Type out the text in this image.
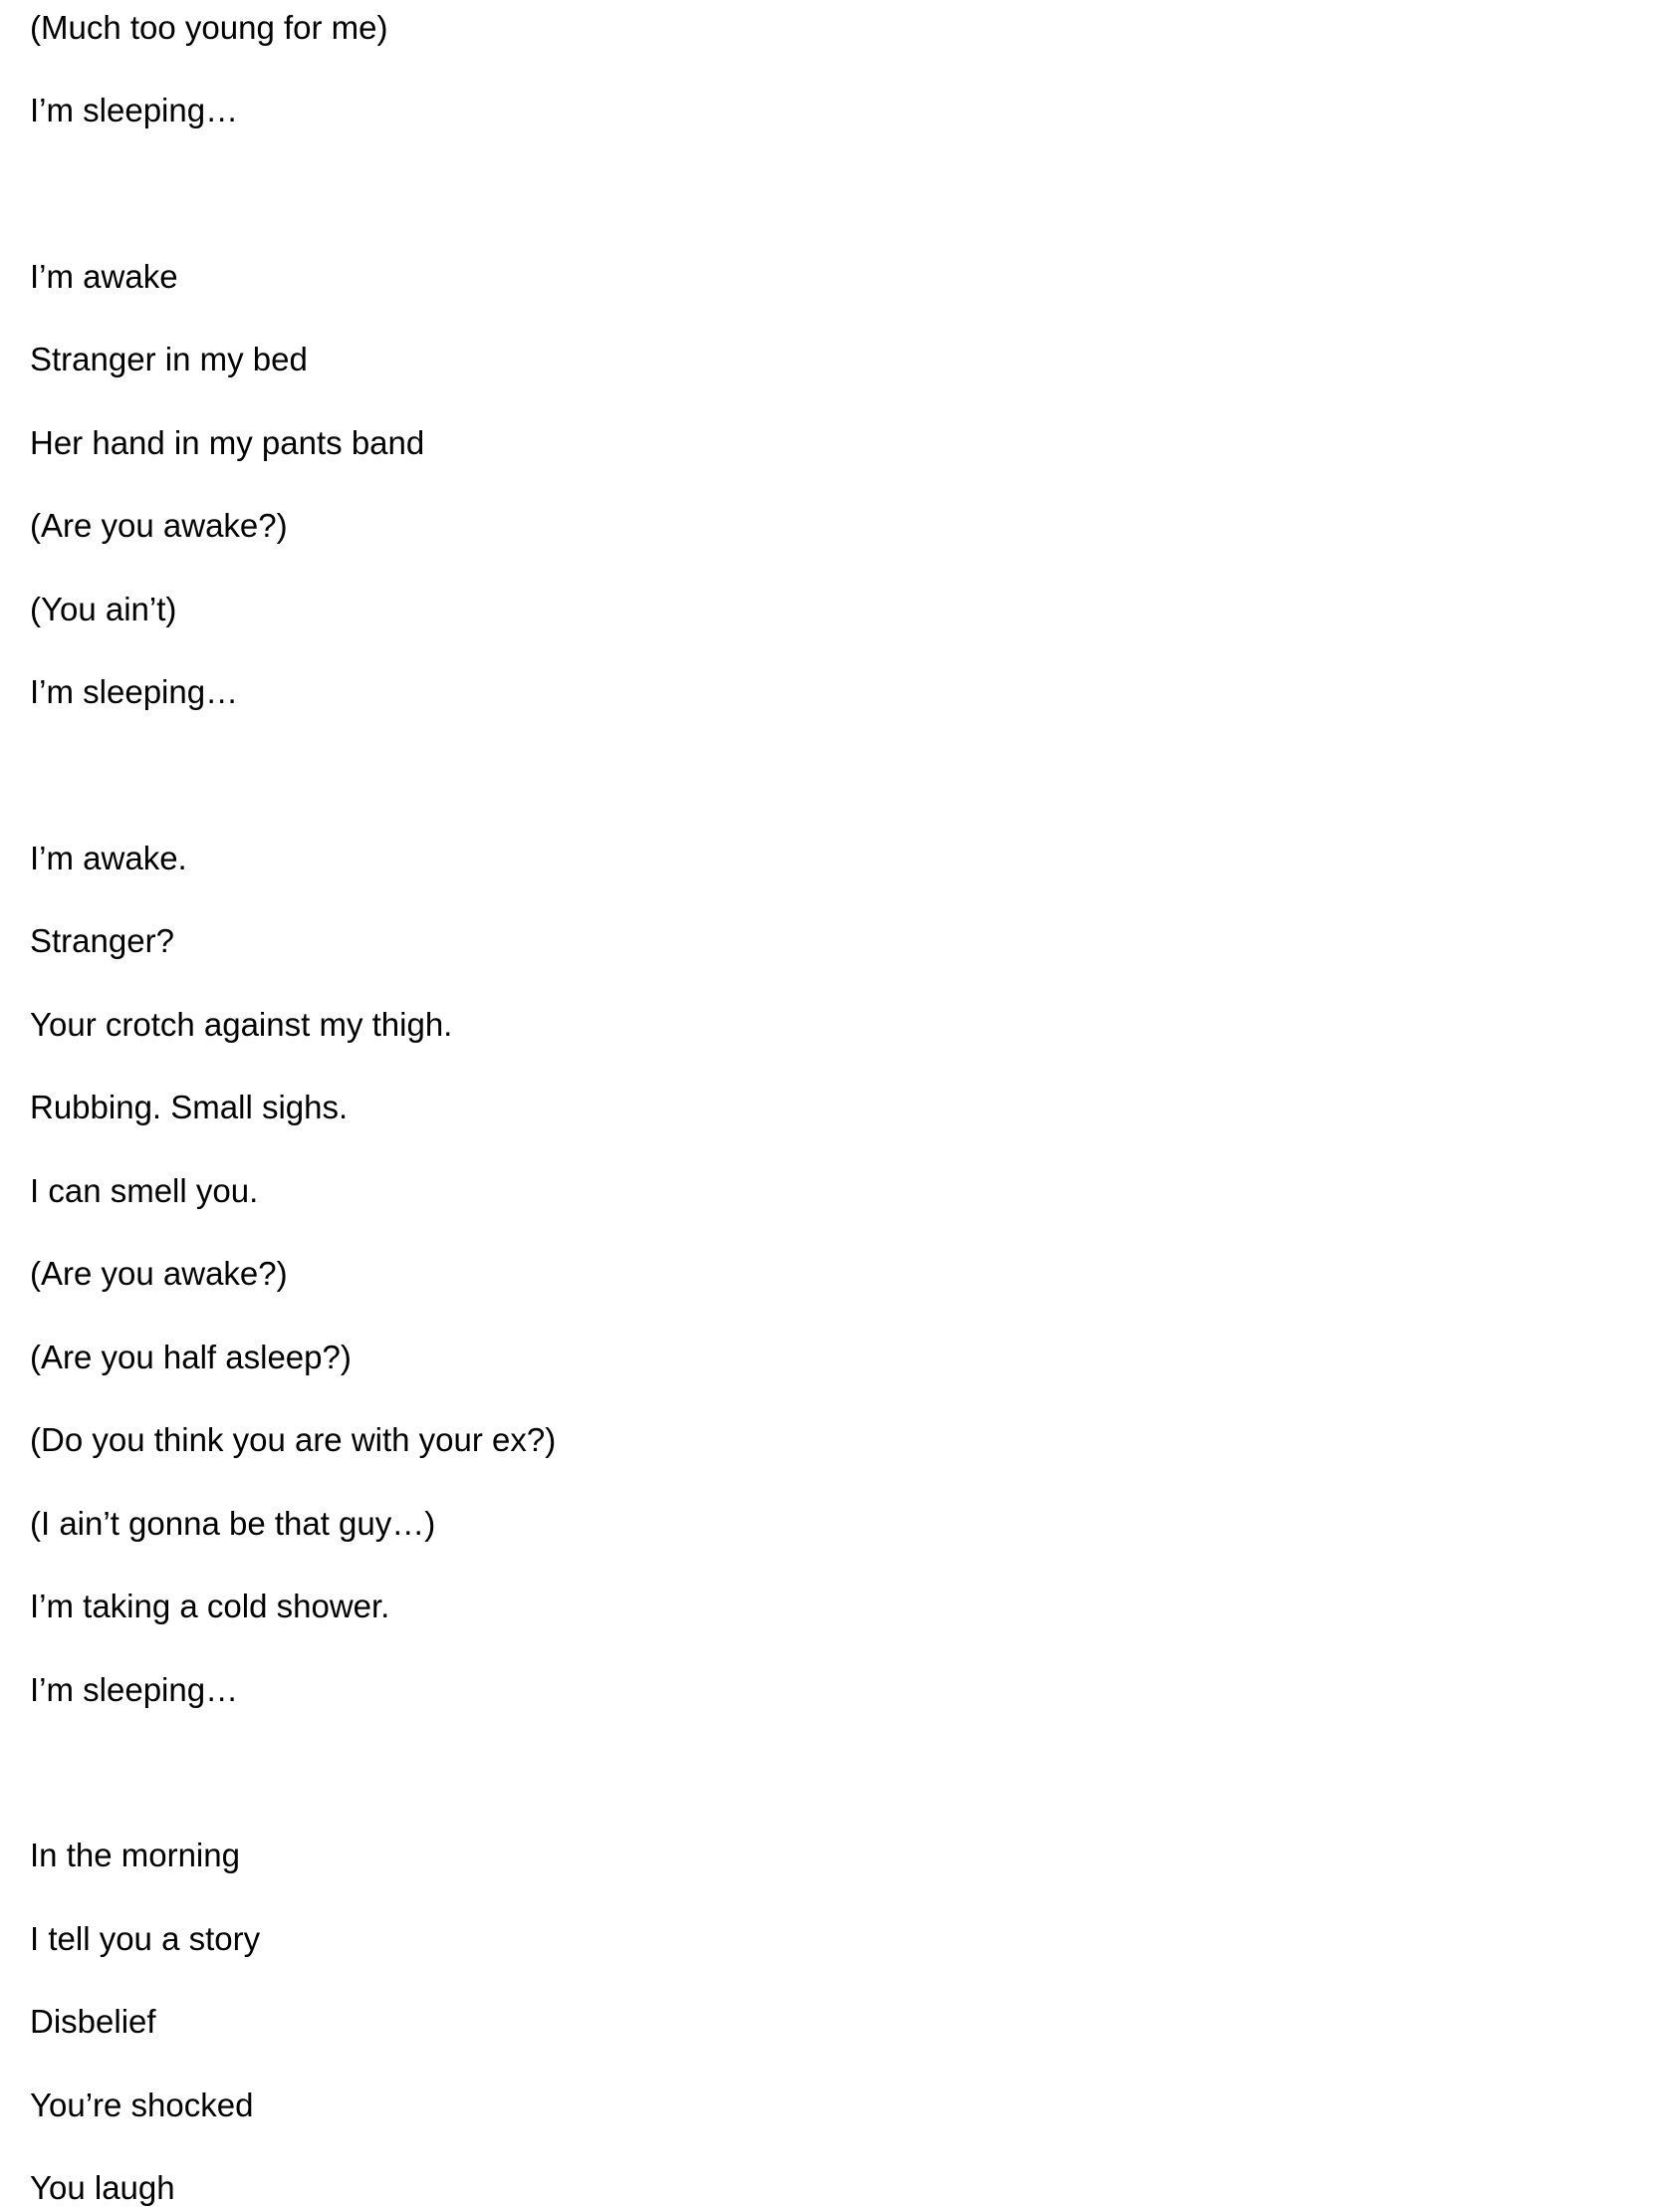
(Much too young for me)

I’m sleeping…

I’m awake

Stranger in my bed

Her hand in my pants band

(Are you awake?)

(You ain’t)

I’m sleeping…

I’m awake.

Stranger?

Your crotch against my thigh.

Rubbing. Small sighs.

I can smell you.

(Are you awake?)

(Are you half asleep?)

(Do you think you are with your ex?)

(I ain’t gonna be that guy…)

I’m taking a cold shower.

I’m sleeping…

In the morning

I tell you a story

Disbelief

You’re shocked

You laugh
